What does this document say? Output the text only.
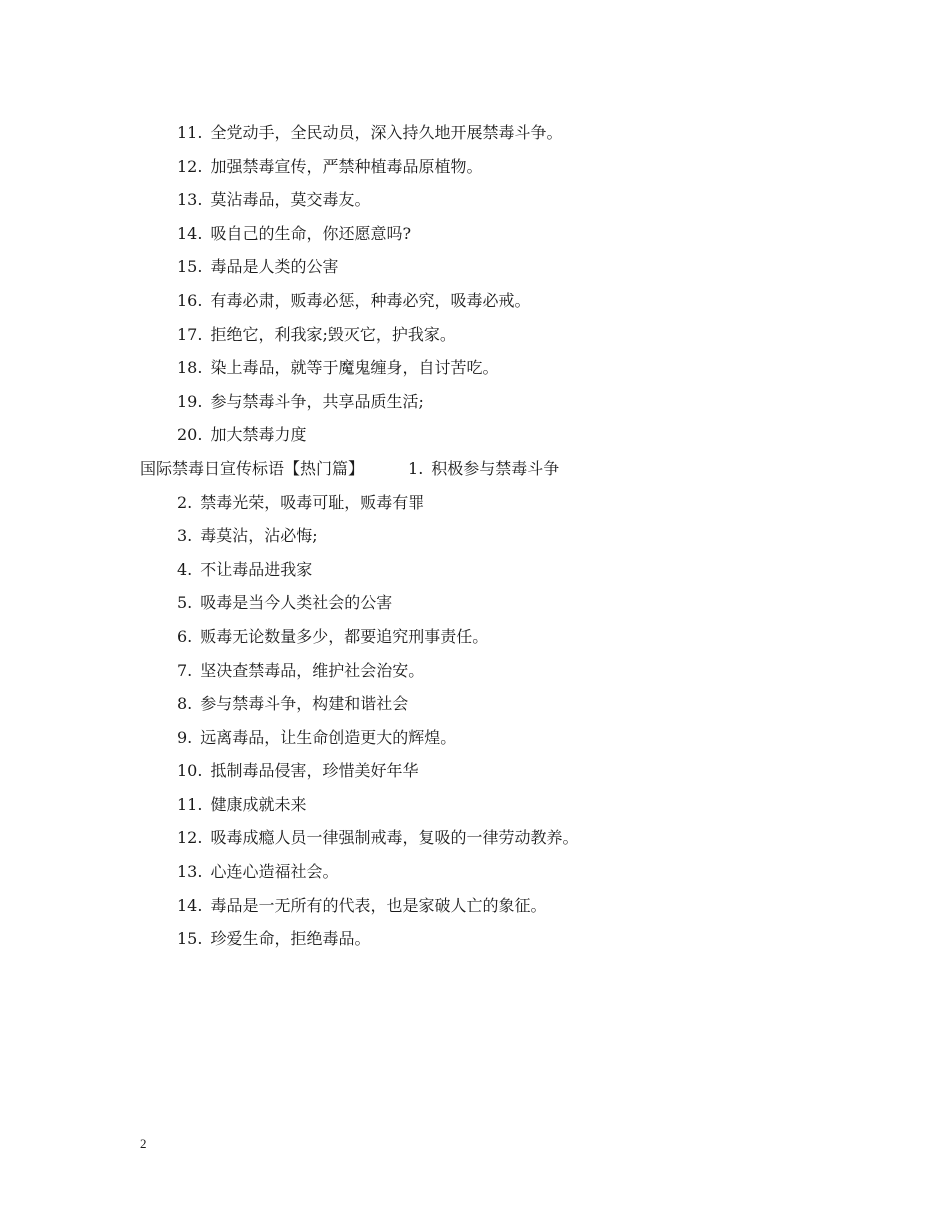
11. 全党动手，全民动员，深入持久地开展禁毒斗争。
12. 加强禁毒宣传，严禁种植毒品原植物。
13. 莫沾毒品，莫交毒友。
14. 吸自己的生命，你还愿意吗?
15. 毒品是人类的公害
16. 有毒必肃，贩毒必惩，种毒必究，吸毒必戒。
17. 拒绝它，利我家;毁灭它，护我家。
18. 染上毒品，就等于魔鬼缠身，自讨苦吃。
19. 参与禁毒斗争，共享品质生活;
20. 加大禁毒力度
国际禁毒日宣传标语【热门篇】	1. 积极参与禁毒斗争
2. 禁毒光荣，吸毒可耻，贩毒有罪
3. 毒莫沾，沾必悔;
4. 不让毒品进我家
5. 吸毒是当今人类社会的公害
6. 贩毒无论数量多少，都要追究刑事责任。
7. 坚决查禁毒品，维护社会治安。
8. 参与禁毒斗争，构建和谐社会
9. 远离毒品，让生命创造更大的辉煌。
10. 抵制毒品侵害，珍惜美好年华
11. 健康成就未来
12. 吸毒成瘾人员一律强制戒毒，复吸的一律劳动教养。
13. 心连心造福社会。
14. 毒品是一无所有的代表，也是家破人亡的象征。
15. 珍爱生命，拒绝毒品。
2
